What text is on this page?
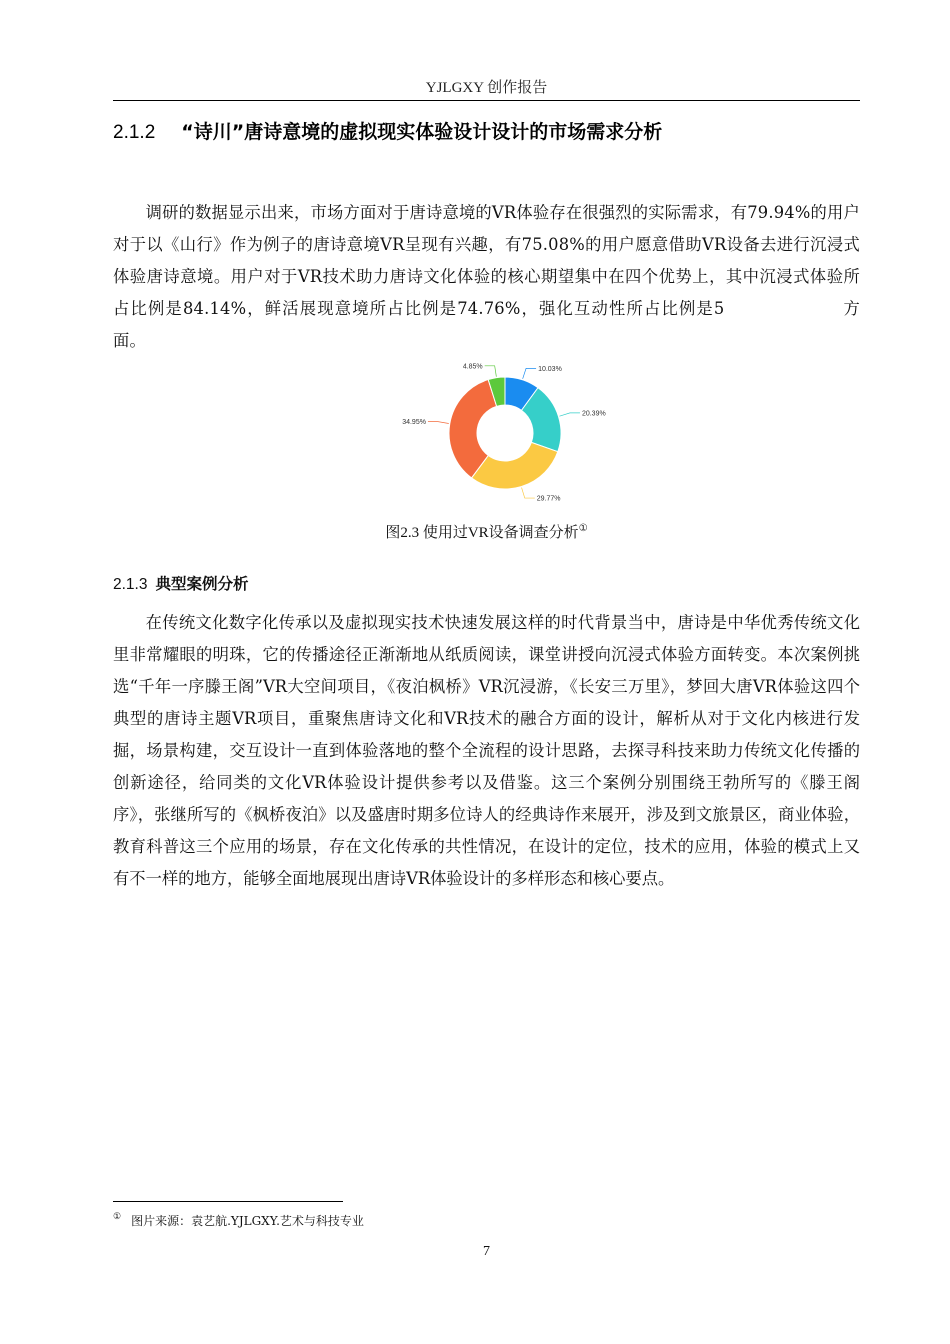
YJLGXY 创作报告
2.1.2 “诗川”唐诗意境的虚拟现实体验设计设计的市场需求分析

调研的数据显示出来，市场方面对于唐诗意境的VR体验存在很强烈的实际需求，有79.94%的用户对于以《山行》作为例子的唐诗意境VR呈现有兴趣，有75.08%的用户愿意借助VR设备去进行沉浸式体验唐诗意境。用户对于VR技术助力唐诗文化体验的核心期望集中在四个优势上，其中沉浸式体验所占比例是84.14%，鲜活展现意境所占比例是74.76%，强化互动性所占比例是5	方面。

10.03%
20.39%
29.77%
34.95%
4.85%
图2.3 使用过VR设备调查分析①
2.1.3 典型案例分析

在传统文化数字化传承以及虚拟现实技术快速发展这样的时代背景当中，唐诗是中华优秀传统文化里非常耀眼的明珠，它的传播途径正渐渐地从纸质阅读，课堂讲授向沉浸式体验方面转变。本次案例挑选“千年一序滕王阁”VR大空间项目，《夜泊枫桥》VR沉浸游，《长安三万里》，梦回大唐VR体验这四个典型的唐诗主题VR项目，重聚焦唐诗文化和VR技术的融合方面的设计，解析从对于文化内核进行发掘，场景构建，交互设计一直到体验落地的整个全流程的设计思路，去探寻科技来助力传统文化传播的创新途径，给同类的文化VR体验设计提供参考以及借鉴。这三个案例分别围绕王勃所写的《滕王阁序》，张继所写的《枫桥夜泊》以及盛唐时期多位诗人的经典诗作来展开，涉及到文旅景区，商业体验，教育科普这三个应用的场景，存在文化传承的共性情况，在设计的定位，技术的应用，体验的模式上又有不一样的地方，能够全面地展现出唐诗VR体验设计的多样形态和核心要点。

① 图片来源：袁艺航.YJLGXY.艺术与科技专业
7
